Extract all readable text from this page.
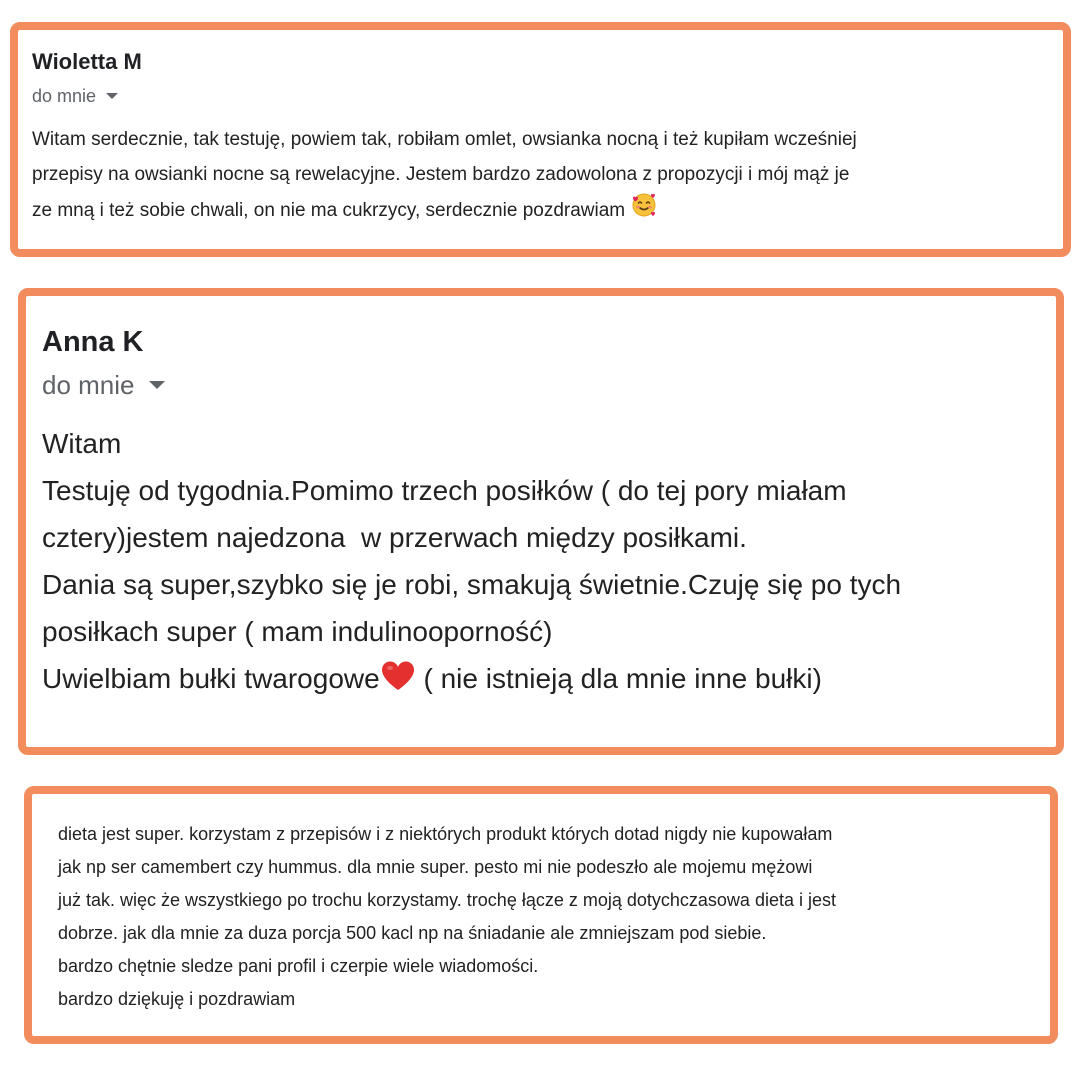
Wioletta M
do mnie
Witam serdecznie, tak testuję, powiem tak, robiłam omlet, owsianka nocną i też kupiłam wcześniej
przepisy na owsianki nocne są rewelacyjne. Jestem bardzo zadowolona z propozycji i mój mąż je
ze mną i też sobie chwali, on nie ma cukrzycy, serdecznie pozdrawiam
Anna K
do mnie
Witam
Testuję od tygodnia.Pomimo trzech posiłków ( do tej pory miałam
cztery)jestem najedzona  w przerwach między posiłkami.
Dania są super,szybko się je robi, smakują świetnie.Czuję się po tych
posiłkach super ( mam indulinooporność)
Uwielbiam bułki twarogowe ( nie istnieją dla mnie inne bułki)
dieta jest super. korzystam z przepisów i z niektórych produkt których dotad nigdy nie kupowałam
jak np ser camembert czy hummus. dla mnie super. pesto mi nie podeszło ale mojemu mężowi
już tak. więc że wszystkiego po trochu korzystamy. trochę łącze z moją dotychczasowa dieta i jest
dobrze. jak dla mnie za duza porcja 500 kacl np na śniadanie ale zmniejszam pod siebie.
bardzo chętnie sledze pani profil i czerpie wiele wiadomości.
bardzo dziękuję i pozdrawiam
